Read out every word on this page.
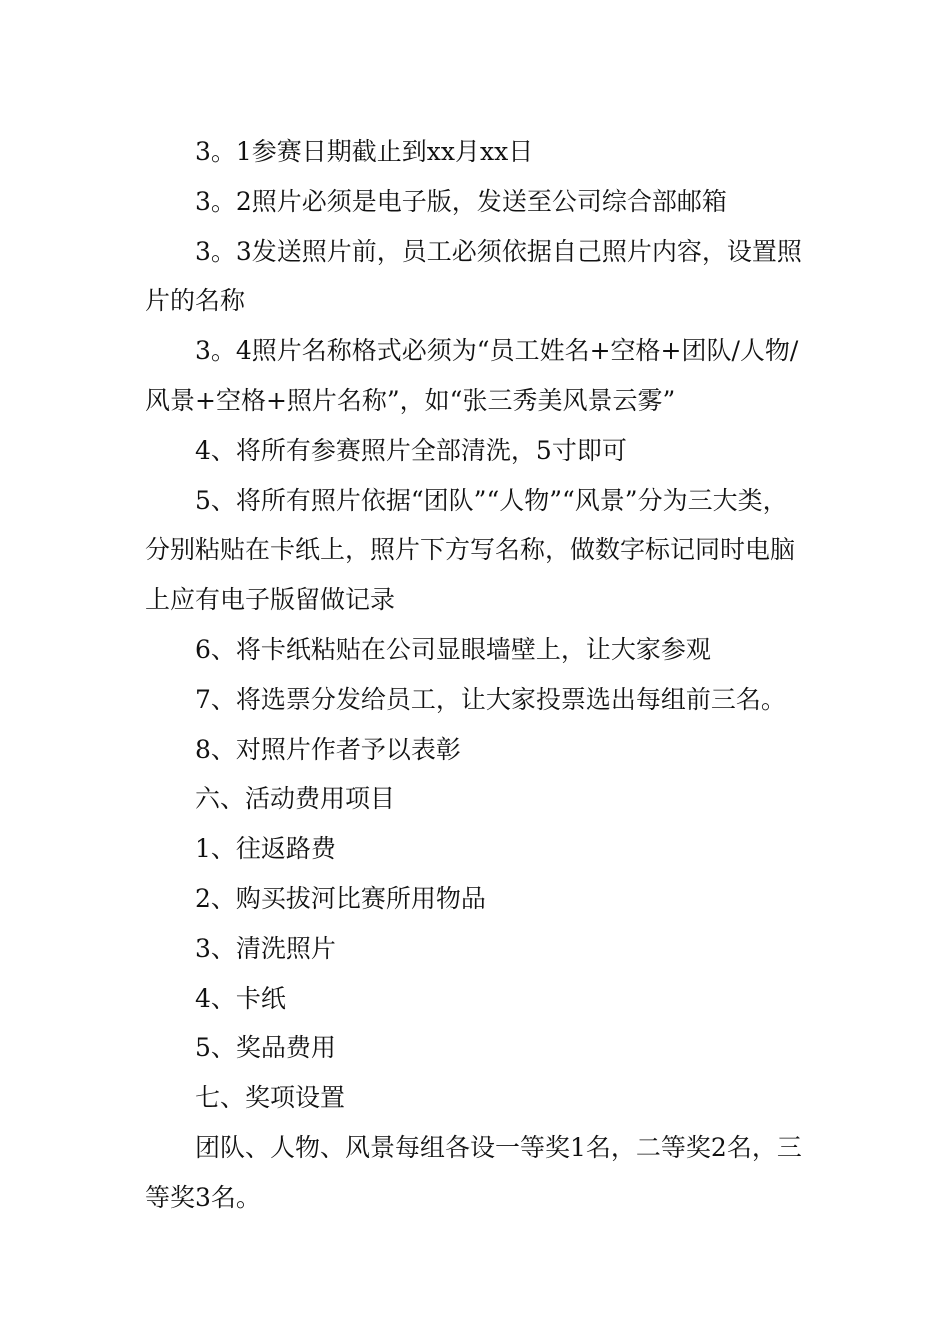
3。1参赛日期截止到xx月xx日

3。2照片必须是电子版，发送至公司综合部邮箱

3。3发送照片前，员工必须依据自己照片内容，设置照片的名称

3。4照片名称格式必须为“员工姓名+空格+团队/人物/风景+空格+照片名称”，如“张三秀美风景云雾”

4、将所有参赛照片全部清洗，5寸即可

5、将所有照片依据“团队”“人物”“风景”分为三大类，分别粘贴在卡纸上，照片下方写名称，做数字标记同时电脑上应有电子版留做记录

6、将卡纸粘贴在公司显眼墙壁上，让大家参观

7、将选票分发给员工，让大家投票选出每组前三名。

8、对照片作者予以表彰

六、活动费用项目

1、往返路费

2、购买拔河比赛所用物品

3、清洗照片

4、卡纸

5、奖品费用

七、奖项设置

团队、人物、风景每组各设一等奖1名，二等奖2名，三等奖3名。
